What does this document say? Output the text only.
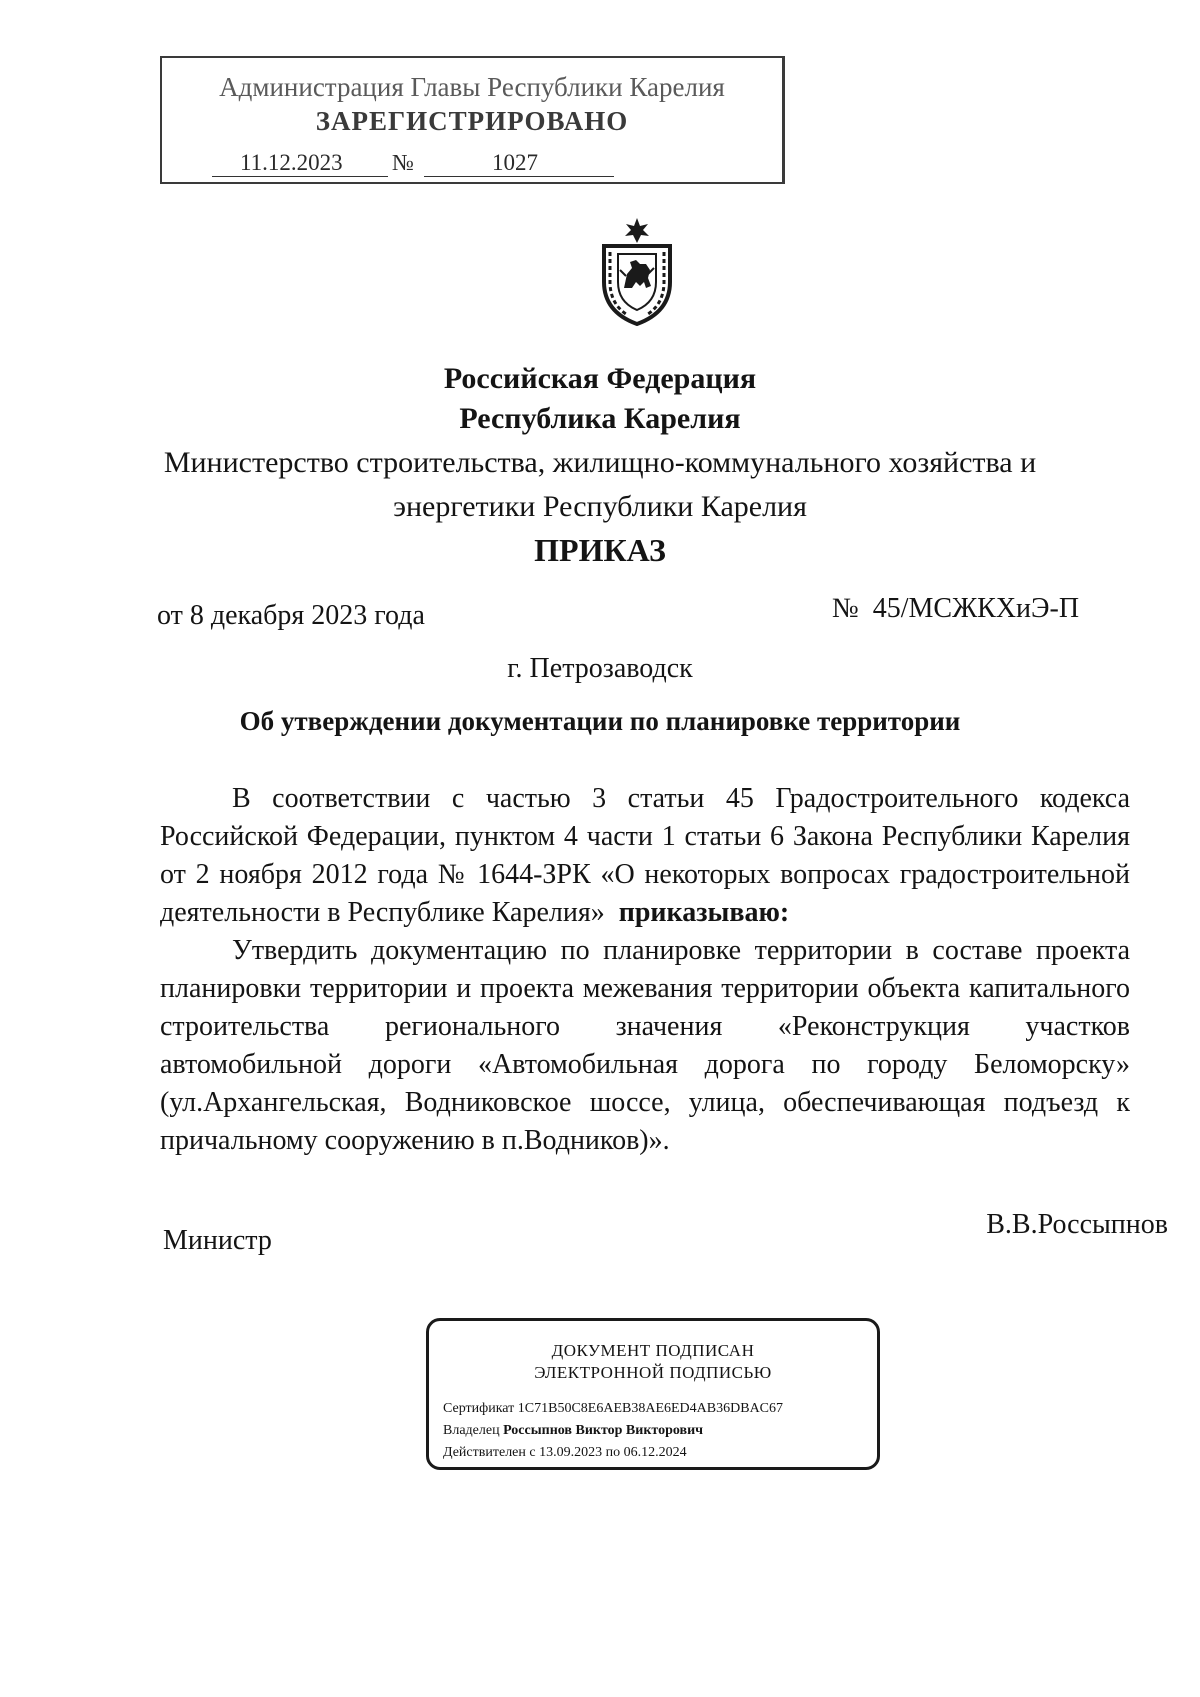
Администрация Главы Республики Карелия
ЗАРЕГИСТРИРОВАНО
11.12.2023 №	1027
Российская Федерация
Республика Карелия
Министерство строительства, жилищно-коммунального хозяйства и
энергетики Республики Карелия
ПРИКАЗ
от 8 декабря 2023 года	№  45/МСЖКХиЭ-П
г. Петрозаводск
Об утверждении документации по планировке территории
В соответствии с частью 3 статьи 45 Градостроительного кодекса
Российской Федерации, пунктом 4 части 1 статьи 6 Закона Республики Карелия
от 2 ноября 2012 года № 1644-ЗРК «О некоторых вопросах градостроительной
деятельности в Республике Карелия» приказываю:
Утвердить документацию по планировке территории в составе проекта
планировки территории и проекта межевания территории объекта капитального
строительства регионального значения «Реконструкция участков
автомобильной дороги «Автомобильная дорога по городу Беломорску»
(ул.Архангельская, Водниковское шоссе, улица, обеспечивающая подъезд к
причальному сооружению в п.Водников)».
Министр
В.В.Россыпнов
ДОКУМЕНТ ПОДПИСАН
ЭЛЕКТРОННОЙ ПОДПИСЬЮ
Сертификат 1C71B50C8E6AEB38AE6ED4AB36DBAC67
Владелец Россыпнов Виктор Викторович
Действителен с 13.09.2023 по 06.12.2024
